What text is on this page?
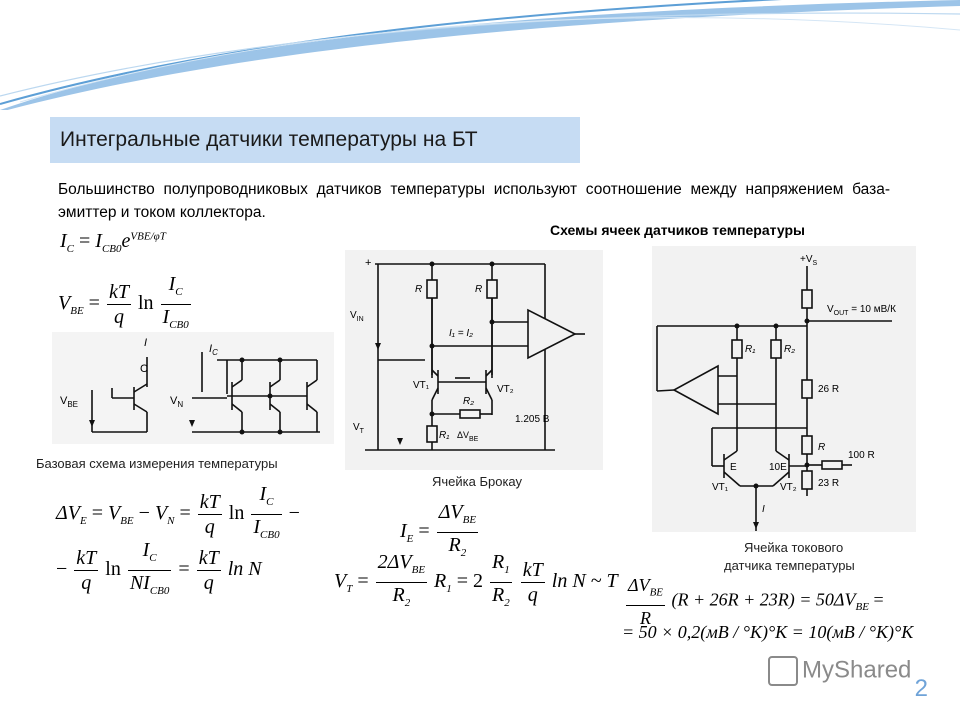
Интегральные датчики температуры на БТ
Большинство полупроводниковых датчиков температуры используют соотношение между напряжением база-эмиттер и током коллектора.
Схемы ячеек датчиков температуры
$I_C = I_{CB0}e^{VBE/\varphi T}$
$V_{BE} = \frac{kT}{q}$ $\ln \frac{I_C}{I_{CB0}}$
I
C
$I_C$
$V_{BE}$	$V_N$
Базовая схема измерения температуры
+
R	R
$V_{IN}$
I₁ = I₂
VT₁	VT₂
R₂
R₁
$V_T$	$\Delta V_{BE}$
1.205 В
Ячейка Брокау
$+V_S$
$V_{OUT} = 10$ мВ/К
R₁	R₂
26 R
R
100 R
23 R
E	10E
VT₁	VT₂
I
Ячейка токового
датчика температуры
$\Delta V_E = V_{BE} - V_N = \frac{kT}{q}$ $\ln \frac{I_C}{I_{CB0}}$ −
− $\frac{kT}{q}$ $\ln \frac{I_C}{NI_{CB0}} = \frac{kT}{q}$ ln N
$I_E = \frac{\Delta V_{BE}}{R_2}$
$V_T = \frac{2\Delta V_{BE}}{R_2} R_1 = 2 \frac{R_1}{R_2}$
$\frac{kT}{q}$ ln N ~ T $\frac{\Delta V_{BE}}{R} (R + 26R + 23R) = 50\Delta V_{BE}$ =
= 50 × 0,2(мВ / °K)°K = 10(мВ / °K)°K
MyShared
2
